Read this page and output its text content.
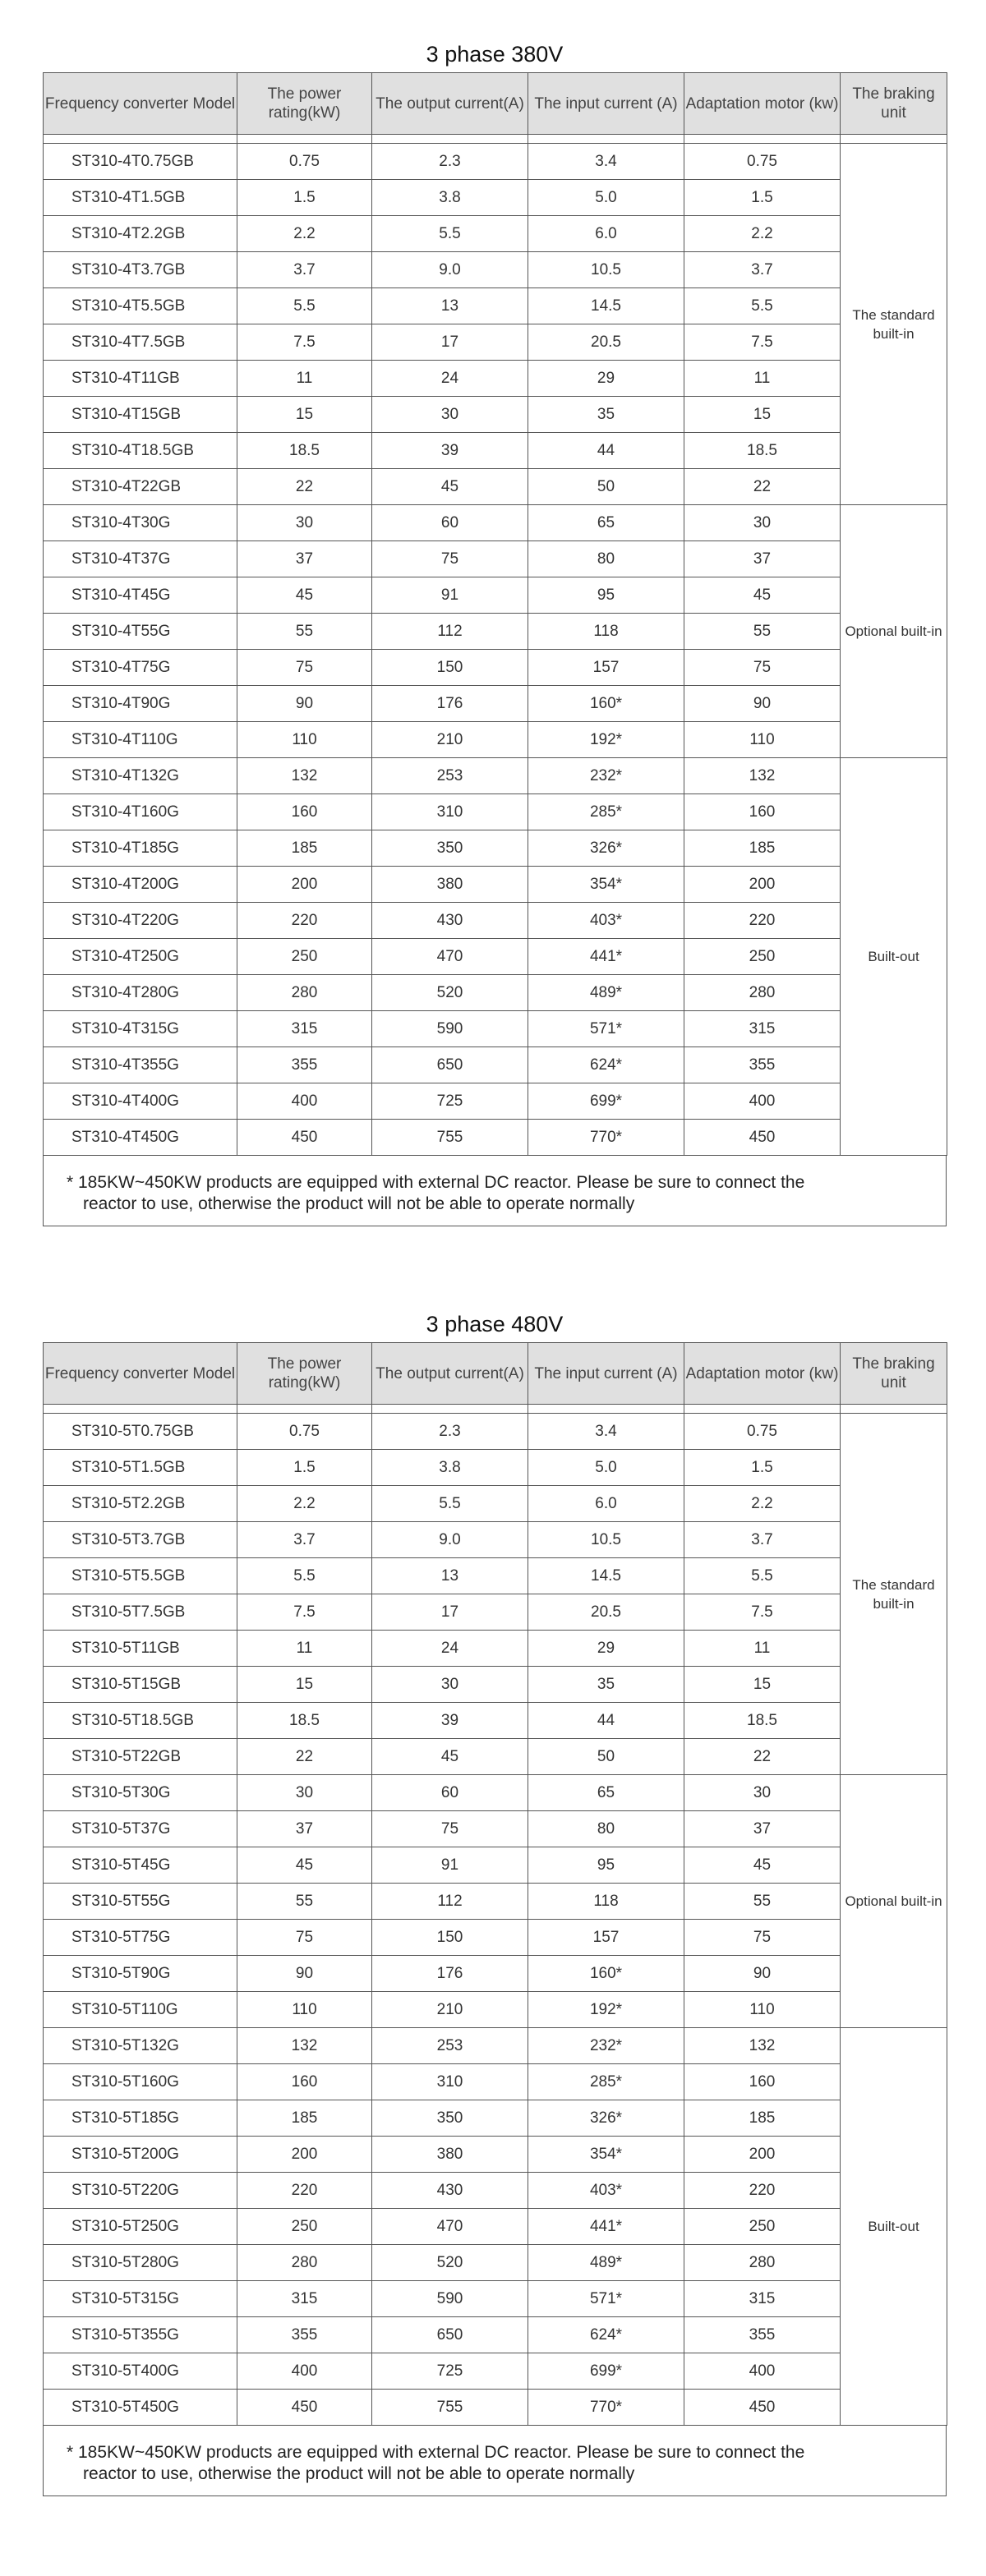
3 phase 380V
Frequency converter Model	The power rating(kW)	The output current(A)	The input current (A)	Adaptation motor (kw)	The braking unit

ST310-4T0.75GB	0.75	2.3	3.4	0.75	The standard built-in
ST310-4T1.5GB	1.5	3.8	5.0	1.5	
ST310-4T2.2GB	2.2	5.5	6.0	2.2	
ST310-4T3.7GB	3.7	9.0	10.5	3.7	
ST310-4T5.5GB	5.5	13	14.5	5.5	
ST310-4T7.5GB	7.5	17	20.5	7.5	
ST310-4T11GB	11	24	29	11	
ST310-4T15GB	15	30	35	15	
ST310-4T18.5GB	18.5	39	44	18.5	
ST310-4T22GB	22	45	50	22	
ST310-4T30G	30	60	65	30	Optional built-in
ST310-4T37G	37	75	80	37	
ST310-4T45G	45	91	95	45	
ST310-4T55G	55	112	118	55	
ST310-4T75G	75	150	157	75	
ST310-4T90G	90	176	160*	90	
ST310-4T110G	110	210	192*	110	
ST310-4T132G	132	253	232*	132	Built-out
ST310-4T160G	160	310	285*	160	
ST310-4T185G	185	350	326*	185	
ST310-4T200G	200	380	354*	200	
ST310-4T220G	220	430	403*	220	
ST310-4T250G	250	470	441*	250	
ST310-4T280G	280	520	489*	280	
ST310-4T315G	315	590	571*	315	
ST310-4T355G	355	650	624*	355	
ST310-4T400G	400	725	699*	400	
ST310-4T450G	450	755	770*	450	
* 185KW~450KW products are equipped with external DC reactor. Please be sure to connect the
reactor to use, otherwise the product will not be able to operate normally
3 phase 480V
Frequency converter Model	The power rating(kW)	The output current(A)	The input current (A)	Adaptation motor (kw)	The braking unit

ST310-5T0.75GB	0.75	2.3	3.4	0.75	The standard built-in
ST310-5T1.5GB	1.5	3.8	5.0	1.5	
ST310-5T2.2GB	2.2	5.5	6.0	2.2	
ST310-5T3.7GB	3.7	9.0	10.5	3.7	
ST310-5T5.5GB	5.5	13	14.5	5.5	
ST310-5T7.5GB	7.5	17	20.5	7.5	
ST310-5T11GB	11	24	29	11	
ST310-5T15GB	15	30	35	15	
ST310-5T18.5GB	18.5	39	44	18.5	
ST310-5T22GB	22	45	50	22	
ST310-5T30G	30	60	65	30	Optional built-in
ST310-5T37G	37	75	80	37	
ST310-5T45G	45	91	95	45	
ST310-5T55G	55	112	118	55	
ST310-5T75G	75	150	157	75	
ST310-5T90G	90	176	160*	90	
ST310-5T110G	110	210	192*	110	
ST310-5T132G	132	253	232*	132	Built-out
ST310-5T160G	160	310	285*	160	
ST310-5T185G	185	350	326*	185	
ST310-5T200G	200	380	354*	200	
ST310-5T220G	220	430	403*	220	
ST310-5T250G	250	470	441*	250	
ST310-5T280G	280	520	489*	280	
ST310-5T315G	315	590	571*	315	
ST310-5T355G	355	650	624*	355	
ST310-5T400G	400	725	699*	400	
ST310-5T450G	450	755	770*	450	
* 185KW~450KW products are equipped with external DC reactor. Please be sure to connect the
reactor to use, otherwise the product will not be able to operate normally
